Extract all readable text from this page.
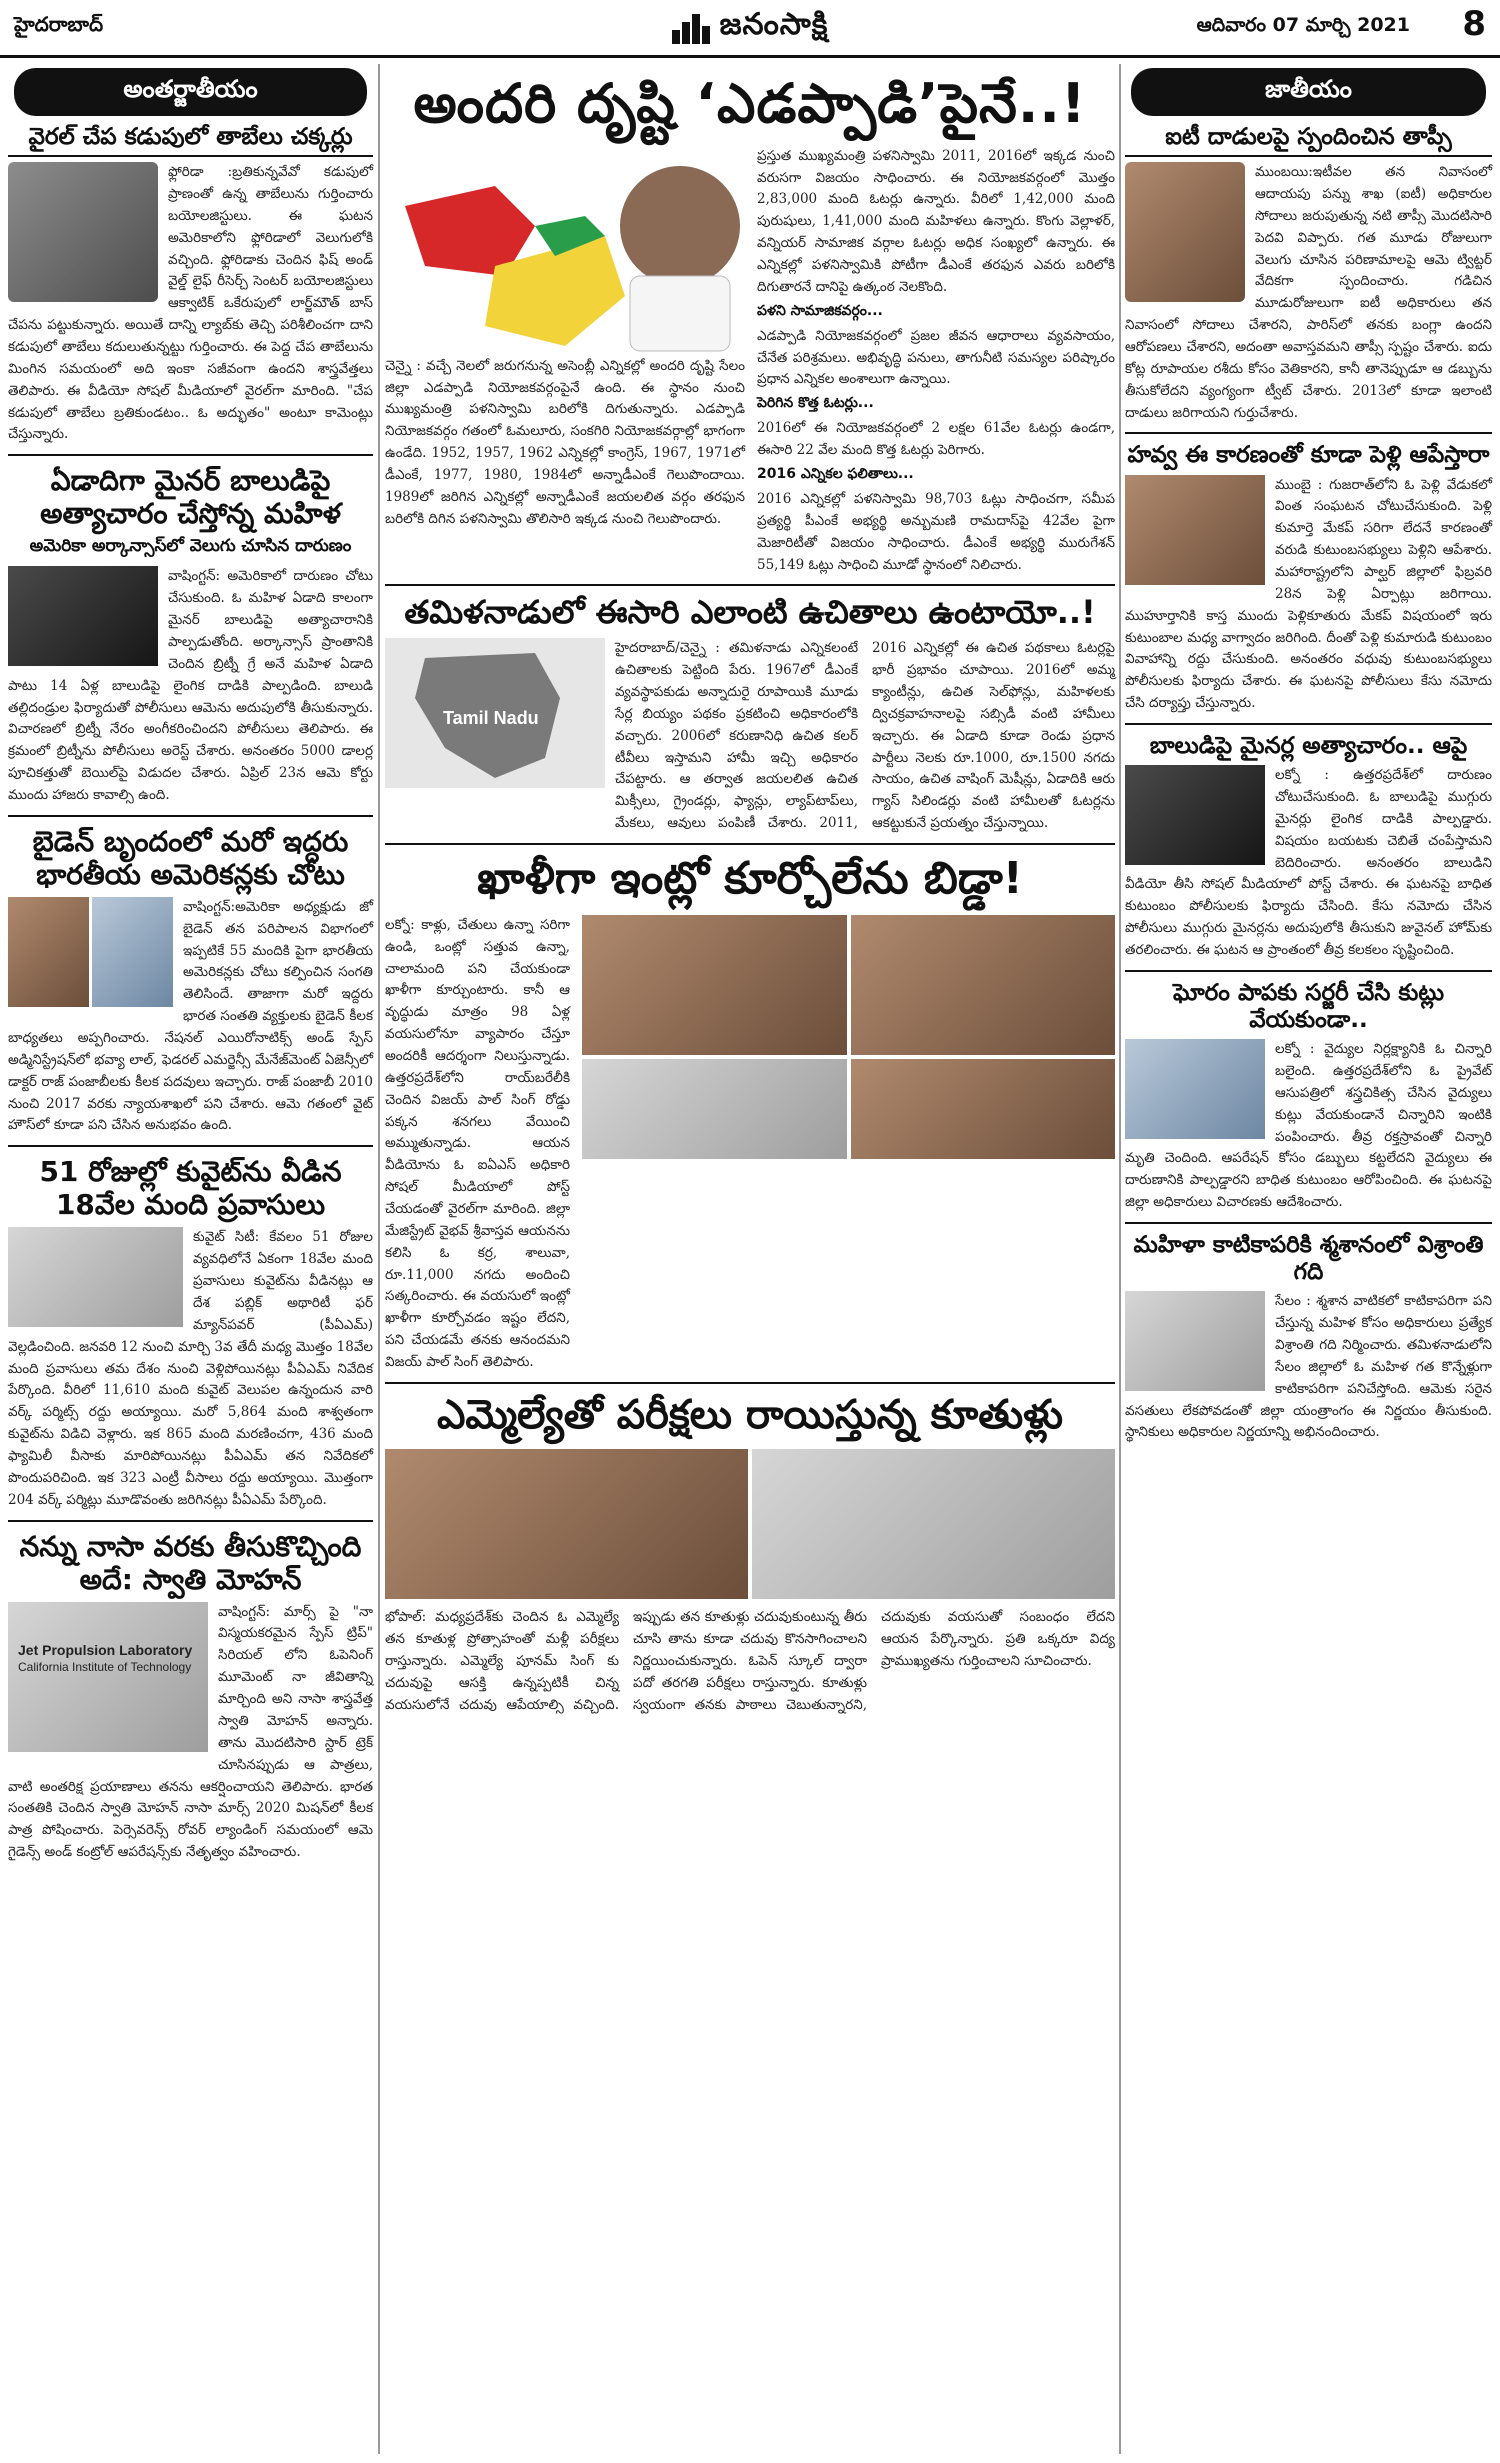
హైదరాబాద్	జనంసాక్షి	ఆదివారం 07 మార్చి 2021 8
అంతర్జాతీయం
వైరల్ చేప కడుపులో తాబేలు చక్కర్లు
ఫ్లోరిడా :బ్రతికున్నవేవో కడుపులో ప్రాణంతో ఉన్న తాబేలును గుర్తించారు బయోలజిస్టులు. ఈ ఘటన అమెరికాలోని ఫ్లోరిడాలో వెలుగులోకి వచ్చింది. ఫ్లోరిడాకు చెందిన ఫిష్ అండ్ వైల్డ్ లైఫ్ రీసెర్చ్ సెంటర్ బయోలజిస్టులు ఆక్వాటిక్ ఒకేరుపులో లార్జ్‌మౌత్ బాస్ చేపను పట్టుకున్నారు. అయితే దాన్ని ల్యాబ్‌కు తెచ్చి పరిశీలించగా దాని కడుపులో తాబేలు కదులుతున్నట్టు గుర్తించారు. ఈ పెద్ద చేప తాబేలును మింగిన సమయంలో అది ఇంకా సజీవంగా ఉందని శాస్త్రవేత్తలు తెలిపారు. ఈ వీడియో సోషల్ మీడియాలో వైరల్‌గా మారింది. "చేప కడుపులో తాబేలు బ్రతికుండటం.. ఓ అద్భుతం" అంటూ కామెంట్లు చేస్తున్నారు.
ఏడాదిగా మైనర్ బాలుడిపై అత్యాచారం చేస్తోన్న మహిళ
అమెరికా అర్కాన్సాస్‌లో వెలుగు చూసిన దారుణం
వాషింగ్టన్: అమెరికాలో దారుణం చోటు చేసుకుంది. ఓ మహిళ ఏడాది కాలంగా మైనర్ బాలుడిపై అత్యాచారానికి పాల్పడుతోంది. అర్కాన్సాస్ ప్రాంతానికి చెందిన బ్రిట్నీ గ్రే అనే మహిళ ఏడాది పాటు 14 ఏళ్ల బాలుడిపై లైంగిక దాడికి పాల్పడింది. బాలుడి తల్లిదండ్రుల ఫిర్యాదుతో పోలీసులు ఆమెను అదుపులోకి తీసుకున్నారు. విచారణలో బ్రిట్నీ నేరం అంగీకరించిందని పోలీసులు తెలిపారు. ఈ క్రమంలో బ్రిట్నీను పోలీసులు అరెస్ట్ చేశారు. అనంతరం 5000 డాలర్ల పూచికత్తుతో బెయిల్‌పై విడుదల చేశారు. ఏప్రిల్ 23న ఆమె కోర్టు ముందు హాజరు కావాల్సి ఉంది.
బైడెన్ బృందంలో మరో ఇద్దరు భారతీయ అమెరికన్లకు చోటు
వాషింగ్టన్:అమెరికా అధ్యక్షుడు జో బైడెన్ తన పరిపాలన విభాగంలో ఇప్పటికే 55 మందికి పైగా భారతీయ అమెరికన్లకు చోటు కల్పించిన సంగతి తెలిసిందే. తాజాగా మరో ఇద్దరు భారత సంతతి వ్యక్తులకు బైడెన్ కీలక బాధ్యతలు అప్పగించారు. నేషనల్ ఎయిరోనాటిక్స్ అండ్ స్పేస్ అడ్మినిస్ట్రేషన్‌లో భవ్యా లాల్, ఫెడరల్ ఎమర్జెన్సీ మేనేజ్‌మెంట్ ఏజెన్సీలో డాక్టర్ రాజ్ పంజాబీలకు కీలక పదవులు ఇచ్చారు. రాజ్ పంజాబీ 2010 నుంచి 2017 వరకు న్యాయశాఖలో పని చేశారు. ఆమె గతంలో వైట్ హౌస్‌లో కూడా పని చేసిన అనుభవం ఉంది.
51 రోజుల్లో కువైట్‌ను వీడిన 18వేల మంది ప్రవాసులు
కువైట్ సిటీ: కేవలం 51 రోజుల వ్యవధిలోనే ఏకంగా 18వేల మంది ప్రవాసులు కువైట్‌ను వీడినట్లు ఆ దేశ పబ్లిక్ అథారిటీ ఫర్ మ్యాన్‌పవర్ (పీఏఎమ్) వెల్లడించింది. జనవరి 12 నుంచి మార్చి 3వ తేదీ మధ్య మొత్తం 18వేల మంది ప్రవాసులు తమ దేశం నుంచి వెళ్లిపోయినట్లు పీఏఎమ్ నివేదిక పేర్కొంది. వీరిలో 11,610 మంది కువైట్ వెలుపల ఉన్నందున వారి వర్క్ పర్మిట్స్ రద్దు అయ్యాయి. మరో 5,864 మంది శాశ్వతంగా కువైట్‌ను విడిచి వెళ్లారు. ఇక 865 మంది మరణించగా, 436 మంది ఫ్యామిలీ వీసాకు మారిపోయినట్లు పీఏఎమ్ తన నివేదికలో పొందుపరిచింది. ఇక 323 ఎంట్రీ వీసాలు రద్దు అయ్యాయి. మొత్తంగా 204 వర్క్ పర్మిట్లు మూడొవంతు జరిగినట్లు పీఏఎమ్ పేర్కొంది.
నన్ను నాసా వరకు తీసుకొచ్చింది అదే: స్వాతి మోహన్
Jet Propulsion Laboratory
California Institute of Technology
వాషింగ్టన్: మార్స్ పై "నా విస్మయకరమైన స్పేస్ ట్రిప్" సిరియల్ లోని ఓపెనింగ్ మూమెంట్ నా జీవితాన్ని మార్చింది అని నాసా శాస్త్రవేత్త స్వాతి మోహన్ అన్నారు. తాను మొదటిసారి స్టార్ ట్రెక్ చూసినప్పుడు ఆ పాత్రలు, వాటి అంతరిక్ష ప్రయాణాలు తనను ఆకర్షించాయని తెలిపారు. భారత సంతతికి చెందిన స్వాతి మోహన్ నాసా మార్స్ 2020 మిషన్‌లో కీలక పాత్ర పోషించారు. పెర్సెవరెన్స్ రోవర్ ల్యాండింగ్ సమయంలో ఆమె గైడెన్స్ అండ్ కంట్రోల్ ఆపరేషన్స్‌కు నేతృత్వం వహించారు.
అందరి దృష్టి ‘ఎడప్పాడి’పైనే..!
చెన్నై : వచ్చే నెలలో జరుగనున్న అసెంబ్లీ ఎన్నికల్లో అందరి దృష్టి సేలం జిల్లా ఎడప్పాడి నియోజకవర్గంపైనే ఉంది. ఈ స్థానం నుంచి ముఖ్యమంత్రి పళనిస్వామి బరిలోకి దిగుతున్నారు. ఎడప్పాడి నియోజకవర్గం గతంలో ఓమలూరు, సంకగిరి నియోజకవర్గాల్లో భాగంగా ఉండేది. 1952, 1957, 1962 ఎన్నికల్లో కాంగ్రెస్, 1967, 1971లో డీఎంకే, 1977, 1980, 1984లో అన్నాడీఎంకే గెలుపొందాయి. 1989లో జరిగిన ఎన్నికల్లో అన్నాడీఎంకే జయలలిత వర్గం తరఫున బరిలోకి దిగిన పళనిస్వామి తొలిసారి ఇక్కడ నుంచి గెలుపొందారు.
ప్రస్తుత ముఖ్యమంత్రి పళనిస్వామి 2011, 2016లో ఇక్కడ నుంచి వరుసగా విజయం సాధించారు. ఈ నియోజకవర్గంలో మొత్తం 2,83,000 మంది ఓటర్లు ఉన్నారు. వీరిలో 1,42,000 మంది పురుషులు, 1,41,000 మంది మహిళలు ఉన్నారు. కొంగు వెల్లాళర్, వన్నియర్ సామాజిక వర్గాల ఓటర్లు అధిక సంఖ్యలో ఉన్నారు. ఈ ఎన్నికల్లో పళనిస్వామికి పోటీగా డీఎంకే తరఫున ఎవరు బరిలోకి దిగుతారనే దానిపై ఉత్కంఠ నెలకొంది.
పళని సామాజికవర్గం...
ఎడప్పాడి నియోజకవర్గంలో ప్రజల జీవన ఆధారాలు వ్యవసాయం, చేనేత పరిశ్రమలు. అభివృద్ధి పనులు, తాగునీటి సమస్యల పరిష్కారం ప్రధాన ఎన్నికల అంశాలుగా ఉన్నాయి.
పెరిగిన కొత్త ఓటర్లు...
2016లో ఈ నియోజకవర్గంలో 2 లక్షల 61వేల ఓటర్లు ఉండగా, ఈసారి 22 వేల మంది కొత్త ఓటర్లు పెరిగారు.
2016 ఎన్నికల ఫలితాలు...
2016 ఎన్నికల్లో పళనిస్వామి 98,703 ఓట్లు సాధించగా, సమీప ప్రత్యర్థి పీఎంకే అభ్యర్థి అన్బుమణి రామదాస్‌పై 42వేల పైగా మెజారిటీతో విజయం సాధించారు. డీఎంకే అభ్యర్థి మురుగేశన్ 55,149 ఓట్లు సాధించి మూడో స్థానంలో నిలిచారు.
తమిళనాడులో ఈసారి ఎలాంటి ఉచితాలు ఉంటాయో..!
Tamil Nadu
హైదరాబాద్/చెన్నై : తమిళనాడు ఎన్నికలంటే ఉచితాలకు పెట్టింది పేరు. 1967లో డీఎంకే వ్యవస్థాపకుడు అన్నాదురై రూపాయికి మూడు సేర్ల బియ్యం పథకం ప్రకటించి అధికారంలోకి వచ్చారు. 2006లో కరుణానిధి ఉచిత కలర్ టీవీలు ఇస్తామని హామీ ఇచ్చి అధికారం చేపట్టారు. ఆ తర్వాత జయలలిత ఉచిత మిక్సీలు, గ్రైండర్లు, ఫ్యాన్లు, ల్యాప్‌టాప్‌లు, మేకలు, ఆవులు పంపిణీ చేశారు. 2011, 2016 ఎన్నికల్లో ఈ ఉచిత పథకాలు ఓటర్లపై భారీ ప్రభావం చూపాయి. 2016లో అమ్మ క్యాంటీన్లు, ఉచిత సెల్‌ఫోన్లు, మహిళలకు ద్విచక్రవాహనాలపై సబ్సిడీ వంటి హామీలు ఇచ్చారు. ఈ ఏడాది కూడా రెండు ప్రధాన పార్టీలు నెలకు రూ.1000, రూ.1500 నగదు సాయం, ఉచిత వాషింగ్ మెషీన్లు, ఏడాదికి ఆరు గ్యాస్ సిలిండర్లు వంటి హామీలతో ఓటర్లను ఆకట్టుకునే ప్రయత్నం చేస్తున్నాయి.
ఖాళీగా ఇంట్లో కూర్చోలేను బిడ్డా!
లక్నో: కాళ్లు, చేతులు ఉన్నా సరిగా ఉండి, ఒంట్లో సత్తువ ఉన్నా, చాలామంది పని చేయకుండా ఖాళీగా కూర్చుంటారు. కానీ ఆ వృద్ధుడు మాత్రం 98 ఏళ్ల వయసులోనూ వ్యాపారం చేస్తూ అందరికీ ఆదర్శంగా నిలుస్తున్నాడు. ఉత్తరప్రదేశ్‌లోని రాయ్‌బరేలీకి చెందిన విజయ్ పాల్ సింగ్ రోడ్డు పక్కన శనగలు వేయించి అమ్ముతున్నాడు. ఆయన వీడియోను ఓ ఐఏఎస్ అధికారి సోషల్ మీడియాలో పోస్ట్ చేయడంతో వైరల్‌గా మారింది. జిల్లా మేజిస్ట్రేట్ వైభవ్ శ్రీవాస్తవ ఆయనను కలిసి ఓ కర్ర, శాలువా, రూ.11,000 నగదు అందించి సత్కరించారు. ఈ వయసులో ఇంట్లో ఖాళీగా కూర్చోవడం ఇష్టం లేదని, పని చేయడమే తనకు ఆనందమని విజయ్ పాల్ సింగ్ తెలిపారు.
ఎమ్మెల్యేతో పరీక్షలు రాయిస్తున్న కూతుళ్లు
భోపాల్: మధ్యప్రదేశ్‌కు చెందిన ఓ ఎమ్మెల్యే తన కూతుళ్ల ప్రోత్సాహంతో మళ్లీ పరీక్షలు రాస్తున్నారు. ఎమ్మెల్యే పూనమ్ సింగ్ కు చదువుపై ఆసక్తి ఉన్నప్పటికీ చిన్న వయసులోనే చదువు ఆపేయాల్సి వచ్చింది. ఇప్పుడు తన కూతుళ్లు చదువుకుంటున్న తీరు చూసి తాను కూడా చదువు కొనసాగించాలని నిర్ణయించుకున్నారు. ఓపెన్ స్కూల్ ద్వారా పదో తరగతి పరీక్షలు రాస్తున్నారు. కూతుళ్లు స్వయంగా తనకు పాఠాలు చెబుతున్నారని, చదువుకు వయసుతో సంబంధం లేదని ఆయన పేర్కొన్నారు. ప్రతి ఒక్కరూ విద్య ప్రాముఖ్యతను గుర్తించాలని సూచించారు.
జాతీయం
ఐటీ దాడులపై స్పందించిన తాప్సీ
ముంబయి:ఇటీవల తన నివాసంలో ఆదాయపు పన్ను శాఖ (ఐటీ) అధికారుల సోదాలు జరుపుతున్న నటి తాప్సీ మొదటిసారి పెదవి విప్పారు. గత మూడు రోజులుగా వెలుగు చూసిన పరిణామాలపై ఆమె ట్విట్టర్ వేదికగా స్పందించారు. గడిచిన మూడురోజులుగా ఐటీ అధికారులు తన నివాసంలో సోదాలు చేశారని, పారిస్‌లో తనకు బంగ్లా ఉందని ఆరోపణలు చేశారని, అదంతా అవాస్తవమని తాప్సీ స్పష్టం చేశారు. ఐదు కోట్ల రూపాయల రశీదు కోసం వెతికారని, కానీ తానెప్పుడూ ఆ డబ్బును తీసుకోలేదని వ్యంగ్యంగా ట్వీట్ చేశారు. 2013లో కూడా ఇలాంటి దాడులు జరిగాయని గుర్తుచేశారు.
హవ్వ ఈ కారణంతో కూడా పెళ్లి ఆపేస్తారా
ముంబై : గుజరాత్‌లోని ఓ పెళ్లి వేడుకలో వింత సంఘటన చోటుచేసుకుంది. పెళ్లి కుమార్తె మేకప్ సరిగా లేదనే కారణంతో వరుడి కుటుంబసభ్యులు పెళ్లిని ఆపేశారు. మహారాష్ట్రలోని పాల్ఘర్ జిల్లాలో ఫిబ్రవరి 28న పెళ్లి ఏర్పాట్లు జరిగాయి. ముహూర్తానికి కాస్త ముందు పెళ్లికూతురు మేకప్ విషయంలో ఇరు కుటుంబాల మధ్య వాగ్వాదం జరిగింది. దీంతో పెళ్లి కుమారుడి కుటుంబం వివాహాన్ని రద్దు చేసుకుంది. అనంతరం వధువు కుటుంబసభ్యులు పోలీసులకు ఫిర్యాదు చేశారు. ఈ ఘటనపై పోలీసులు కేసు నమోదు చేసి దర్యాప్తు చేస్తున్నారు.
బాలుడిపై మైనర్ల అత్యాచారం.. ఆపై
లక్నో : ఉత్తరప్రదేశ్‌లో దారుణం చోటుచేసుకుంది. ఓ బాలుడిపై ముగ్గురు మైనర్లు లైంగిక దాడికి పాల్పడ్డారు. విషయం బయటకు చెబితే చంపేస్తామని బెదిరించారు. అనంతరం బాలుడిని వీడియో తీసి సోషల్ మీడియాలో పోస్ట్ చేశారు. ఈ ఘటనపై బాధిత కుటుంబం పోలీసులకు ఫిర్యాదు చేసింది. కేసు నమోదు చేసిన పోలీసులు ముగ్గురు మైనర్లను అదుపులోకి తీసుకుని జువైనల్ హోమ్‌కు తరలించారు. ఈ ఘటన ఆ ప్రాంతంలో తీవ్ర కలకలం సృష్టించింది.
ఘోరం పాపకు సర్జరీ చేసి కుట్లు వేయకుండా..
లక్నో : వైద్యుల నిర్లక్ష్యానికి ఓ చిన్నారి బలైంది. ఉత్తరప్రదేశ్‌లోని ఓ ప్రైవేట్ ఆసుపత్రిలో శస్త్రచికిత్స చేసిన వైద్యులు కుట్లు వేయకుండానే చిన్నారిని ఇంటికి పంపించారు. తీవ్ర రక్తస్రావంతో చిన్నారి మృతి చెందింది. ఆపరేషన్ కోసం డబ్బులు కట్టలేదని వైద్యులు ఈ దారుణానికి పాల్పడ్డారని బాధిత కుటుంబం ఆరోపించింది. ఈ ఘటనపై జిల్లా అధికారులు విచారణకు ఆదేశించారు.
మహిళా కాటికాపరికి శ్మశానంలో విశ్రాంతి గది
సేలం : శ్మశాన వాటికలో కాటికాపరిగా పని చేస్తున్న మహిళ కోసం అధికారులు ప్రత్యేక విశ్రాంతి గది నిర్మించారు. తమిళనాడులోని సేలం జిల్లాలో ఓ మహిళ గత కొన్నేళ్లుగా కాటికాపరిగా పనిచేస్తోంది. ఆమెకు సరైన వసతులు లేకపోవడంతో జిల్లా యంత్రాంగం ఈ నిర్ణయం తీసుకుంది. స్థానికులు అధికారుల నిర్ణయాన్ని అభినందించారు.
